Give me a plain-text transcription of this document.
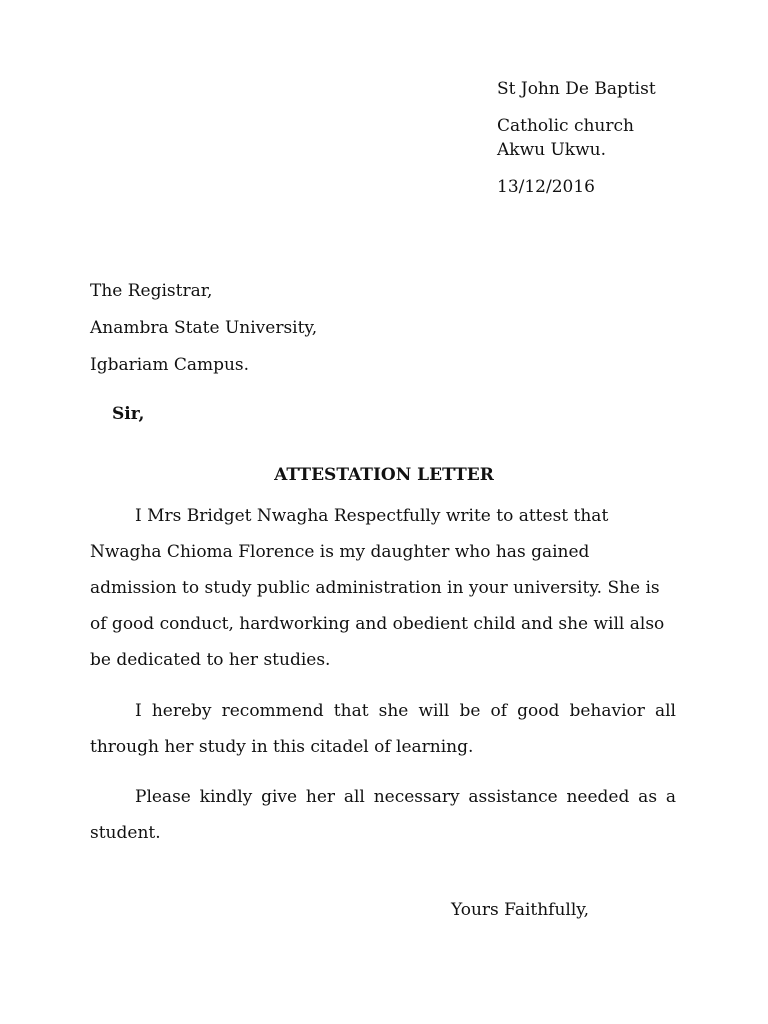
St John De Baptist

Catholic church

Akwu Ukwu.

13/12/2016

The Registrar,

Anambra State University,

Igbariam Campus.

Sir,

ATTESTATION LETTER

I Mrs Bridget Nwagha Respectfully write to attest that Nwagha Chioma Florence is my daughter who has gained admission to study public administration in your university. She is of good conduct, hardworking and obedient child and she will also be dedicated to her studies.

I hereby recommend that she will be of good behavior all through her study in this citadel of learning.

Please kindly give her all necessary assistance needed as a student.

Yours Faithfully,
